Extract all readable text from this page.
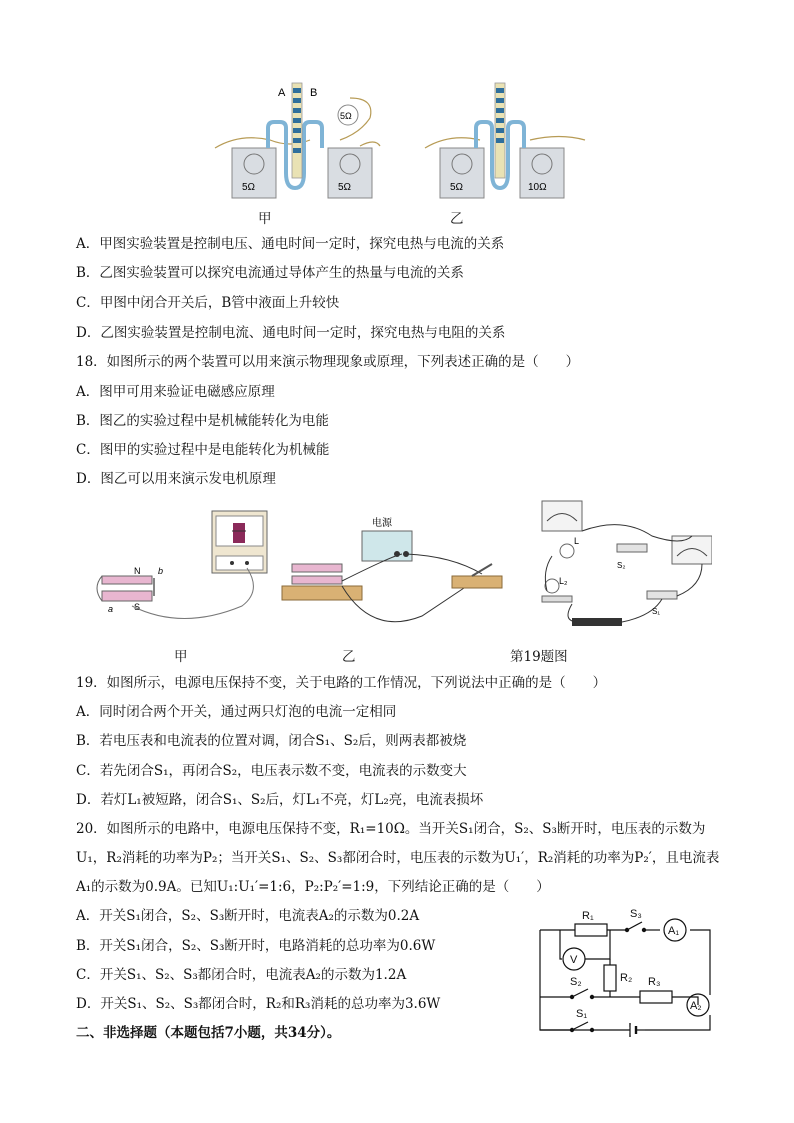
5Ω
A B
5Ω	5Ω	5Ω	10Ω
甲	乙
A．甲图实验装置是控制电压、通电时间一定时，探究电热与电流的关系
B．乙图实验装置可以探究电流通过导体产生的热量与电流的关系
C．甲图中闭合开关后，B管中液面上升较快
D．乙图实验装置是控制电流、通电时间一定时，探究电热与电阻的关系
18．如图所示的两个装置可以用来演示物理现象或原理，下列表述正确的是（　　）
A．图甲可用来验证电磁感应原理
B．图乙的实验过程中是机械能转化为电能
C．图甲的实验过程中是电能转化为机械能
D．图乙可以用来演示发电机原理
N
S
a
b
电源
L
L₂
S₂
S₁
甲	乙	第19题图
19．如图所示，电源电压保持不变，关于电路的工作情况，下列说法中正确的是（　　）
A．同时闭合两个开关，通过两只灯泡的电流一定相同
B．若电压表和电流表的位置对调，闭合S₁、S₂后，则两表都被烧
C．若先闭合S₁，再闭合S₂，电压表示数不变，电流表的示数变大
D．若灯L₁被短路，闭合S₁、S₂后，灯L₁不亮，灯L₂亮，电流表损坏
20．如图所示的电路中，电源电压保持不变，R₁=10Ω。当开关S₁闭合，S₂、S₃断开时，电压表的示数为
U₁，R₂消耗的功率为P₂；当开关S₁、S₂、S₃都闭合时，电压表的示数为U₁′，R₂消耗的功率为P₂′，且电流表
A₁的示数为0.9A。已知U₁:U₁′=1:6，P₂:P₂′=1:9，下列结论正确的是（　　）
A．开关S₁闭合，S₂、S₃断开时，电流表A₂的示数为0.2A
B．开关S₁闭合，S₂、S₃断开时，电路消耗的总功率为0.6W
C．开关S₁、S₂、S₃都闭合时，电流表A₂的示数为1.2A
D．开关S₁、S₂、S₃都闭合时，R₂和R₃消耗的总功率为3.6W
R₁	S₃
A₁
V
R₂
S₂	R₃
A₂
S₁
二、非选择题（本题包括7小题，共34分）。
